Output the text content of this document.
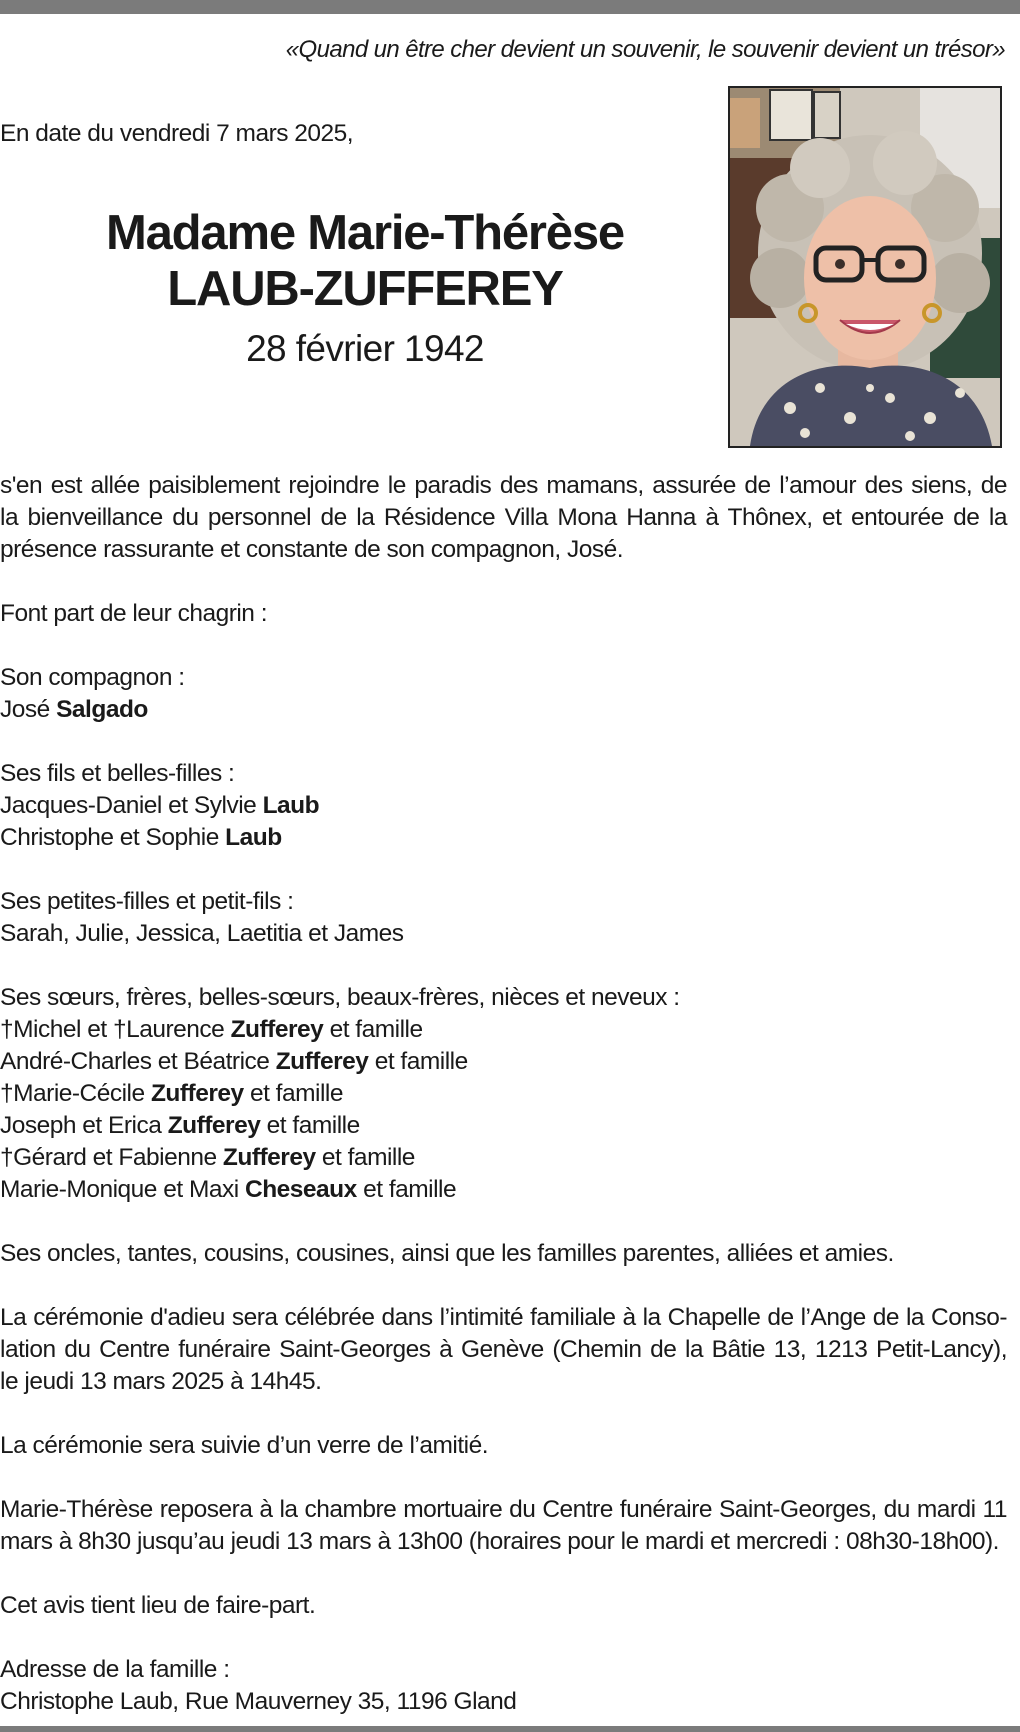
«Quand un être cher devient un souvenir, le souvenir devient un trésor»
En date du vendredi 7 mars 2025,
Madame Marie-Thérèse
LAUB-ZUFFEREY
28 février 1942
s'en est allée paisiblement rejoindre le paradis des mamans, assurée de l’amour des siens, de
la bienveillance du personnel de la Résidence Villa Mona Hanna à Thônex, et entourée de la
présence rassurante et constante de son compagnon, José.
Font part de leur chagrin :
Son compagnon :
José Salgado
Ses fils et belles-filles :
Jacques-Daniel et Sylvie Laub
Christophe et Sophie Laub
Ses petites-filles et petit-fils :
Sarah, Julie, Jessica, Laetitia et James
Ses sœurs, frères, belles-sœurs, beaux-frères, nièces et neveux :
†Michel et †Laurence Zufferey et famille
André-Charles et Béatrice Zufferey et famille
†Marie-Cécile Zufferey et famille
Joseph et Erica Zufferey et famille
†Gérard et Fabienne Zufferey et famille
Marie-Monique et Maxi Cheseaux et famille
Ses oncles, tantes, cousins, cousines, ainsi que les familles parentes, alliées et amies.
La cérémonie d'adieu sera célébrée dans l’intimité familiale à la Chapelle de l’Ange de la Conso-
lation du Centre funéraire Saint-Georges à Genève (Chemin de la Bâtie 13, 1213 Petit-Lancy),
le jeudi 13 mars 2025 à 14h45.
La cérémonie sera suivie d’un verre de l’amitié.
Marie-Thérèse reposera à la chambre mortuaire du Centre funéraire Saint-Georges, du mardi 11
mars à 8h30 jusqu’au jeudi 13 mars à 13h00 (horaires pour le mardi et mercredi : 08h30-18h00).
Cet avis tient lieu de faire-part.
Adresse de la famille :
Christophe Laub, Rue Mauverney 35, 1196 Gland
